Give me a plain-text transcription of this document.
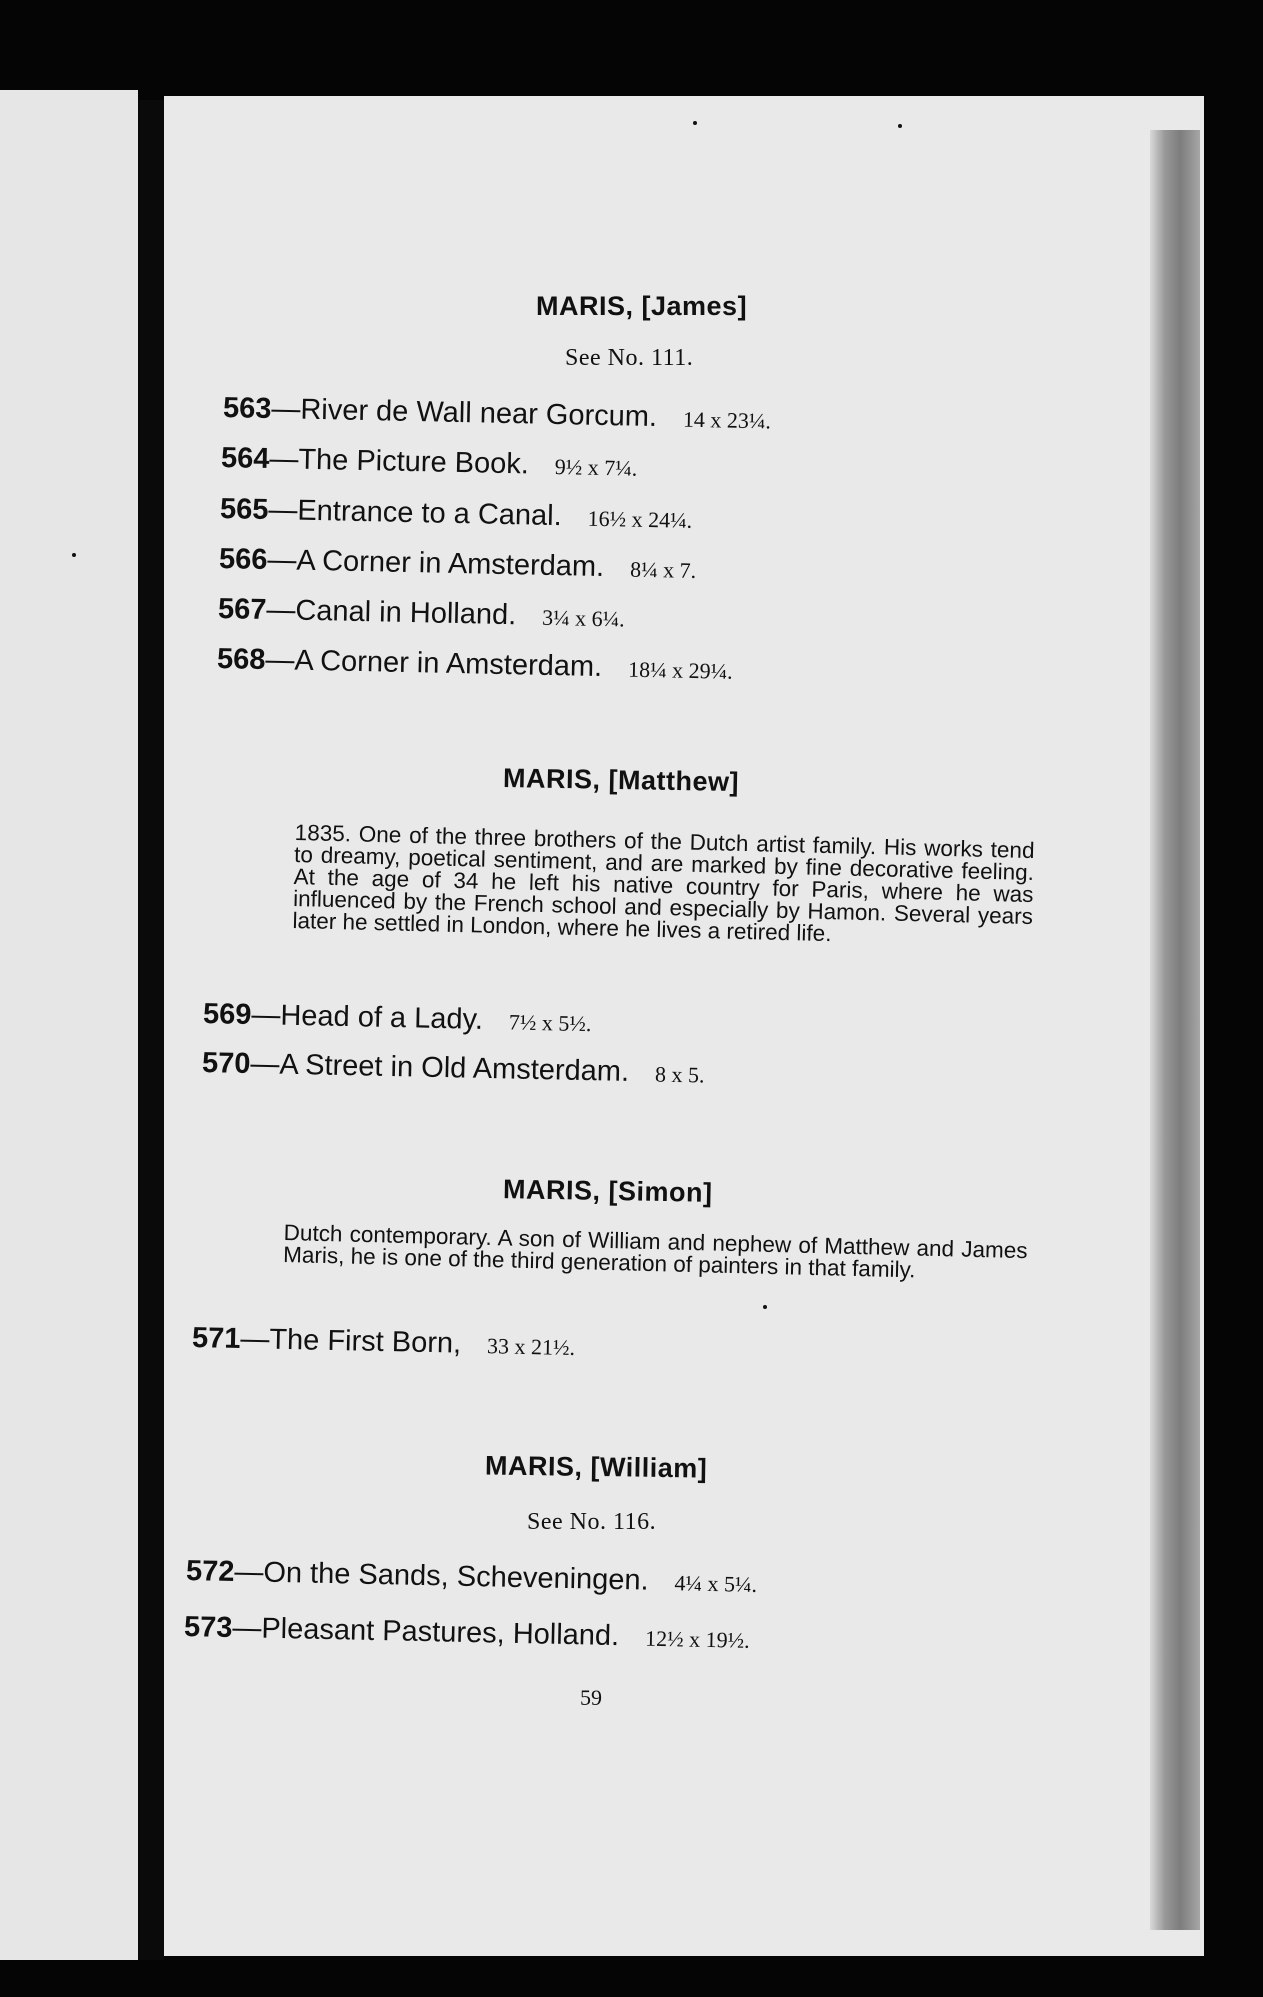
MARIS, [James]
See No. 111.
563—River de Wall near Gorcum. 14 x 23¼.
564—The Picture Book. 9½ x 7¼.
565—Entrance to a Canal. 16½ x 24¼.
566—A Corner in Amsterdam. 8¼ x 7.
567—Canal in Holland. 3¼ x 6¼.
568—A Corner in Amsterdam. 18¼ x 29¼.
MARIS, [Matthew]
1835. One of the three brothers of the Dutch artist family. His works tend to dreamy, poetical sentiment, and are marked by fine decorative feeling. At the age of 34 he left his native country for Paris, where he was influenced by the French school and especially by Hamon. Several years later he settled in London, where he lives a retired life.
569—Head of a Lady. 7½ x 5½.
570—A Street in Old Amsterdam. 8 x 5.
MARIS, [Simon]
Dutch contemporary. A son of William and nephew of Matthew and James Maris, he is one of the third generation of painters in that family.
571—The First Born, 33 x 21½.
MARIS, [William]
See No. 116.
572—On the Sands, Scheveningen. 4¼ x 5¼.
573—Pleasant Pastures, Holland. 12½ x 19½.
59
